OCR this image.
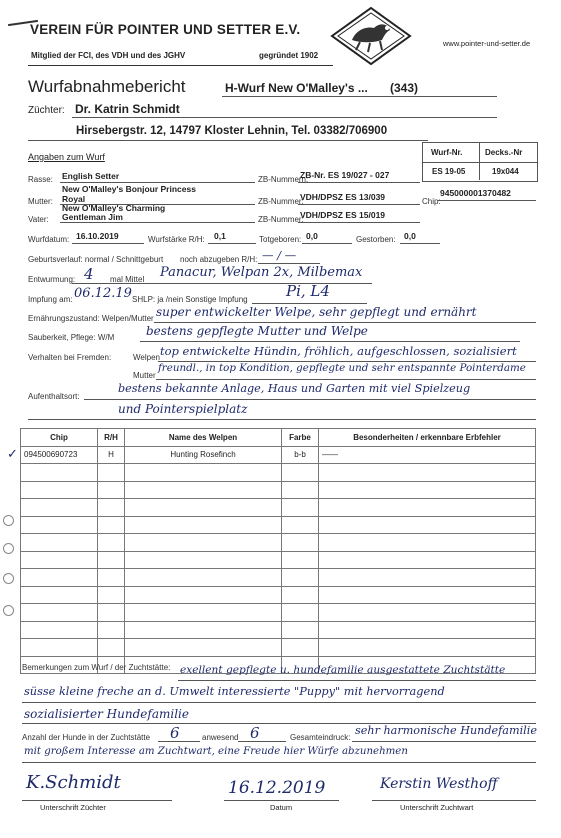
VEREIN FÜR POINTER UND SETTER E.V.
Mitglied der FCI, des VDH und des JGHV	gegründet 1902
www.pointer-und-setter.de
Wurfabnahmebericht	H-Wurf New O'Malley's ... (343)
Züchter: Dr. Katrin Schmidt
Hirsebergstr. 12, 14797 Kloster Lehnin, Tel. 03382/706900
Wurf-Nr.	Decks.-Nr
ES 19-05	19x044
Angaben zum Wurf
Rasse: English Setter	ZB-Nummern:
ZB-Nr. ES 19/027 - 027
New O'Malley's Bonjour Princess
Mutter: Royal	ZB-Nummer:
VDH/DPSZ ES 13/039	Chip:
945000001370482
New O'Malley's Charming
Vater: Gentleman Jim	ZB-Nummer:
VDH/DPSZ ES 15/019
Wurfdatum: 16.10.2019	Wurfstärke R/H: 0,1	Totgeboren: 0,0	Gestorben: 0,0
Geburtsverlauf: normal / Schnittgeburt noch abzugeben R/H: — / —
Entwurmung: 4 mal Mittel Panacur, Welpan 2x, Milbemax
Impfung am: 06.12.19 SHLP: ja /nein Sonstige Impfung	Pi, L4
Ernährungszustand: Welpen/Mutter super entwickelter Welpe, sehr gepflegt und ernährt
Sauberkeit, Pflege: W/M	bestens gepflegte Mutter und Welpe
Verhalten bei Fremden:	Welpen top entwickelte Hündin, fröhlich, aufgeschlossen, sozialisiert
Mutter
freundl., in top Kondition, gepflegte und sehr entspannte Pointerdame
Aufenthaltsort:
bestens bekannte Anlage, Haus und Garten mit viel Spielzeug
und Pointerspielplatz
✓
Chip	R/H	Name des Welpen	Farbe	Besonderheiten / erkennbare Erbfehler
094500690723	H	Hunting Rosefinch	b-b	——

Bemerkungen zum Wurf / der Zuchtstätte: exellent gepflegte u. hundefamilie ausgestattete Zuchtstätte
süsse kleine freche an d. Umwelt interessierte "Puppy" mit hervorragend
sozialisierter Hundefamilie
Anzahl der Hunde in der Zuchtstätte 6	anwesend 6	Gesamteindruck:
sehr harmonische Hundefamilie
mit großem Interesse am Zuchtwart, eine Freude hier Würfe abzunehmen
K.Schmidt
Unterschrift Züchter
16.12.2019
Datum
Kerstin Westhoff
Unterschrift Zuchtwart
